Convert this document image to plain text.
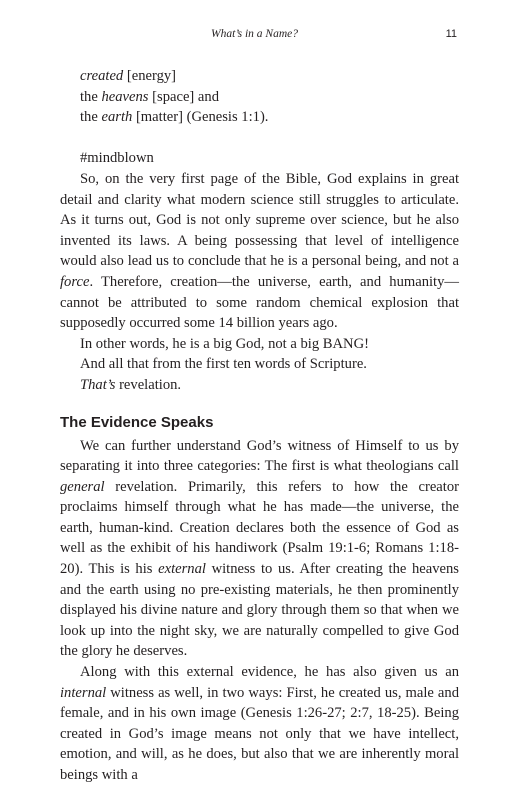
What’s in a Name?	11

created [energy]

the heavens [space] and

the earth [matter] (Genesis 1:1).

#mindblown

So, on the very first page of the Bible, God explains in great detail and clarity what modern science still struggles to articulate. As it turns out, God is not only supreme over science, but he also invented its laws. A being possessing that level of intelligence would also lead us to conclude that he is a personal being, and not a force. Therefore, creation—the universe, earth, and humanity—cannot be attributed to some random chemical explosion that supposedly occurred some 14 billion years ago.

In other words, he is a big God, not a big BANG!

And all that from the first ten words of Scripture.

That’s revelation.

The Evidence Speaks

We can further understand God’s witness of Himself to us by separating it into three categories: The first is what theologians call general revelation. Primarily, this refers to how the creator proclaims himself through what he has made—the universe, the earth, human-kind. Creation declares both the essence of God as well as the exhibit of his handiwork (Psalm 19:1-6; Romans 1:18-20). This is his external witness to us. After creating the heavens and the earth using no pre-existing materials, he then prominently displayed his divine nature and glory through them so that when we look up into the night sky, we are naturally compelled to give God the glory he deserves.

Along with this external evidence, he has also given us an internal witness as well, in two ways: First, he created us, male and female, and in his own image (Genesis 1:26-27; 2:7, 18-25). Being created in God’s image means not only that we have intellect, emotion, and will, as he does, but also that we are inherently moral beings with a
